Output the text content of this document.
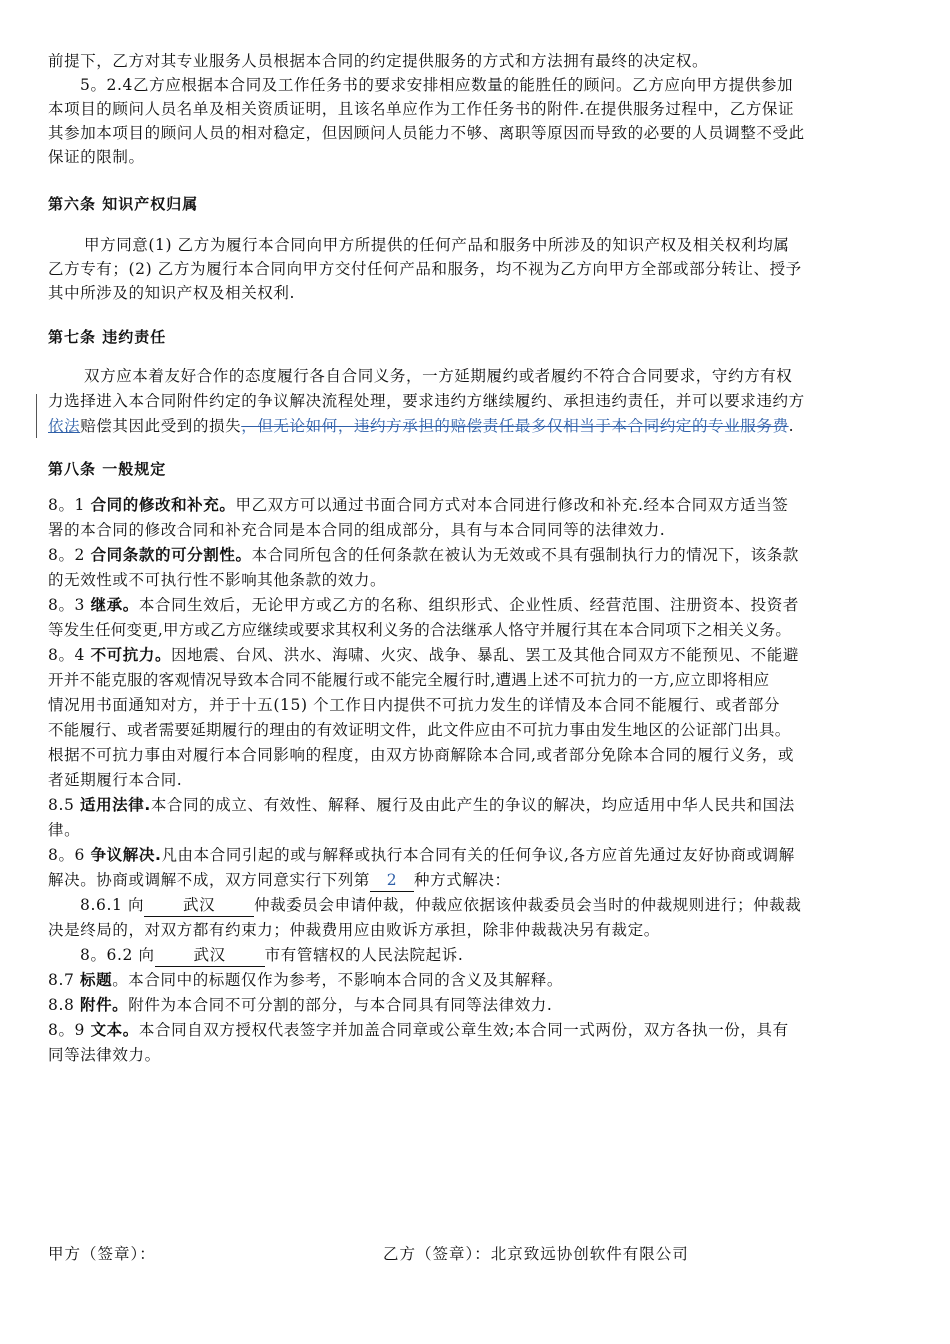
前提下，乙方对其专业服务人员根据本合同的约定提供服务的方式和方法拥有最终的决定权。
5。2.4乙方应根据本合同及工作任务书的要求安排相应数量的能胜任的顾问。乙方应向甲方提供参加
本项目的顾问人员名单及相关资质证明，且该名单应作为工作任务书的附件.在提供服务过程中，乙方保证
其参加本项目的顾问人员的相对稳定，但因顾问人员能力不够、离职等原因而导致的必要的人员调整不受此
保证的限制。
第六条 知识产权归属
甲方同意(1) 乙方为履行本合同向甲方所提供的任何产品和服务中所涉及的知识产权及相关权利均属
乙方专有；(2) 乙方为履行本合同向甲方交付任何产品和服务，均不视为乙方向甲方全部或部分转让、授予
其中所涉及的知识产权及相关权利.
第七条 违约责任
双方应本着友好合作的态度履行各自合同义务，一方延期履约或者履约不符合合同要求，守约方有权
力选择进入本合同附件约定的争议解决流程处理，要求违约方继续履约、承担违约责任，并可以要求违约方
依法赔偿其因此受到的损失，但无论如何，违约方承担的赔偿责任最多仅相当于本合同约定的专业服务费.
第八条 一般规定
8。1 合同的修改和补充。甲乙双方可以通过书面合同方式对本合同进行修改和补充.经本合同双方适当签
署的本合同的修改合同和补充合同是本合同的组成部分，具有与本合同同等的法律效力.
8。2 合同条款的可分割性。本合同所包含的任何条款在被认为无效或不具有强制执行力的情况下，该条款
的无效性或不可执行性不影响其他条款的效力。
8。3 继承。本合同生效后，无论甲方或乙方的名称、组织形式、企业性质、经营范围、注册资本、投资者
等发生任何变更,甲方或乙方应继续或要求其权利义务的合法继承人恪守并履行其在本合同项下之相关义务。
8。4 不可抗力。因地震、台风、洪水、海啸、火灾、战争、暴乱、罢工及其他合同双方不能预见、不能避
开并不能克服的客观情况导致本合同不能履行或不能完全履行时,遭遇上述不可抗力的一方,应立即将相应
情况用书面通知对方，并于十五(15) 个工作日内提供不可抗力发生的详情及本合同不能履行、或者部分
不能履行、或者需要延期履行的理由的有效证明文件，此文件应由不可抗力事由发生地区的公证部门出具。
根据不可抗力事由对履行本合同影响的程度，由双方协商解除本合同,或者部分免除本合同的履行义务，或
者延期履行本合同.
8.5 适用法律.本合同的成立、有效性、解释、履行及由此产生的争议的解决，均应适用中华人民共和国法
律。
8。6 争议解决.凡由本合同引起的或与解释或执行本合同有关的任何争议,各方应首先通过友好协商或调解
解决。协商或调解不成，双方同意实行下列第 2 种方式解决：
8.6.1 向	武汉	仲裁委员会申请仲裁，仲裁应依据该仲裁委员会当时的仲裁规则进行；仲裁裁
决是终局的，对双方都有约束力；仲裁费用应由败诉方承担，除非仲裁裁决另有裁定。
8。6.2 向	武汉	市有管辖权的人民法院起诉.
8.7 标题。本合同中的标题仅作为参考，不影响本合同的含义及其解释。
8.8 附件。附件为本合同不可分割的部分，与本合同具有同等法律效力.
8。9 文本。本合同自双方授权代表签字并加盖合同章或公章生效;本合同一式两份，双方各执一份，具有
同等法律效力。
甲方（签章）：	乙方（签章）：北京致远协创软件有限公司
